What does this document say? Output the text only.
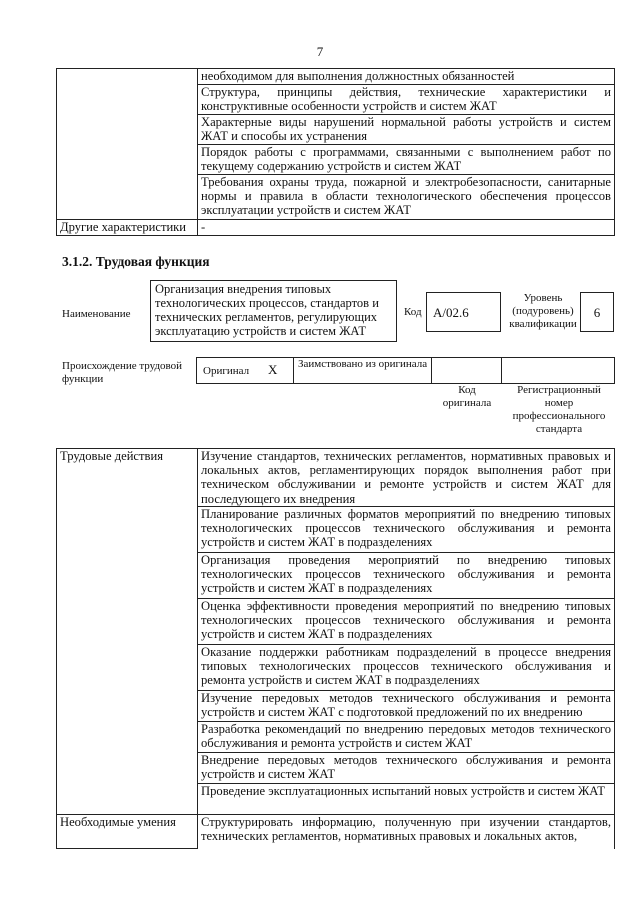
7
	необходимом для выполнения должностных обязанностей
	Структура, принципы действия, технические характеристики и конструктивные особенности устройств и систем ЖАТ
	Характерные виды нарушений нормальной работы устройств и систем ЖАТ и способы их устранения
	Порядок работы с программами, связанными с выполнением работ по текущему содержанию устройств и систем ЖАТ
	Требования охраны труда, пожарной и электробезопасности, санитарные нормы и правила в области технологического обеспечения процессов эксплуатации устройств и систем ЖАТ
Другие характеристики	-
3.1.2. Трудовая функция
Наименование
Организация внедрения типовых технологических процессов, стандартов и технических регламентов, регулирующих эксплуатацию устройств и систем ЖАТ
Код А/02.6
Уровень (подуровень) квалификации
6
Происхождение трудовой функции
Оригинал X Заимствовано из оригинала
Код оригинала
Регистрационный номер профессионального стандарта
Трудовые действия	Изучение стандартов, технических регламентов, нормативных правовых и локальных актов, регламентирующих порядок выполнения работ при техническом обслуживании и ремонте устройств и систем ЖАТ для последующего их внедрения
	Планирование различных форматов мероприятий по внедрению типовых технологических процессов технического обслуживания и ремонта устройств и систем ЖАТ в подразделениях
	Организация проведения мероприятий по внедрению типовых технологических процессов технического обслуживания и ремонта устройств и систем ЖАТ в подразделениях
	Оценка эффективности проведения мероприятий по внедрению типовых технологических процессов технического обслуживания и ремонта устройств и систем ЖАТ в подразделениях
	Оказание поддержки работникам подразделений в процессе внедрения типовых технологических процессов технического обслуживания и ремонта устройств и систем ЖАТ в подразделениях
	Изучение передовых методов технического обслуживания и ремонта устройств и систем ЖАТ с подготовкой предложений по их внедрению
	Разработка рекомендаций по внедрению передовых методов технического обслуживания и ремонта устройств и систем ЖАТ
	Внедрение передовых методов технического обслуживания и ремонта устройств и систем ЖАТ
	Проведение эксплуатационных испытаний новых устройств и систем ЖАТ
Необходимые умения	Структурировать информацию, полученную при изучении стандартов, технических регламентов, нормативных правовых и локальных актов,
